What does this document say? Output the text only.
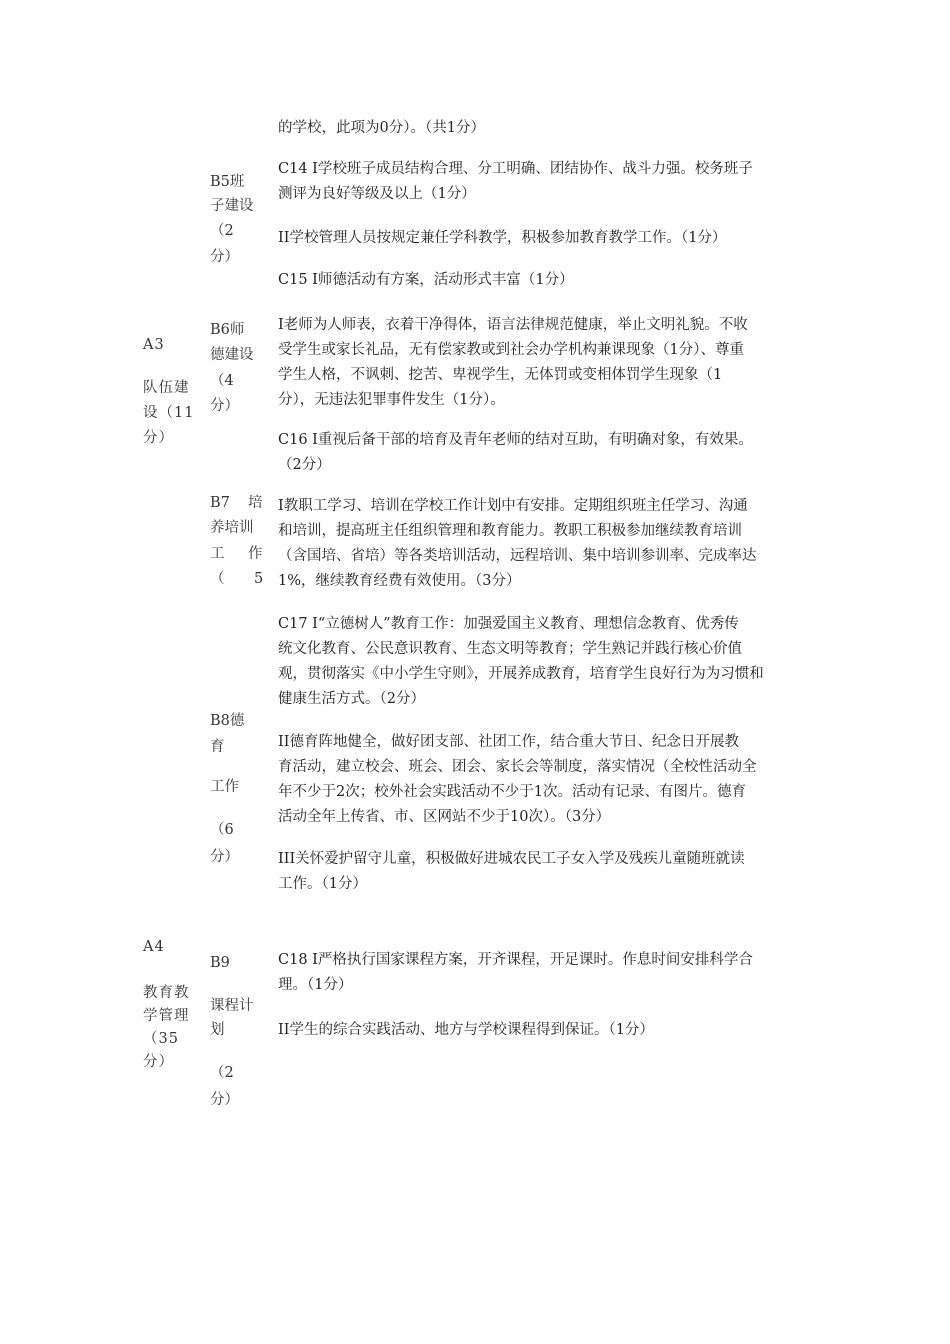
A3
队伍建
设（11
分）
A4
教育教
学管理
（35
分）
B5班
子建设
（2
分）
B6师
德建设
（4
分）
B7 培
养培训
工 作
（ 5
B8德
育
工作
（6
分）
B9
课程计
划
（2
分）
的学校，此项为0分）。（共1分）
C14 I学校班子成员结构合理、分工明确、团结协作、战斗力强。校务班子
测评为良好等级及以上（1分）
II学校管理人员按规定兼任学科教学，积极参加教育教学工作。（1分）
C15 I师德活动有方案，活动形式丰富（1分）
I老师为人师表，衣着干净得体，语言法律规范健康，举止文明礼貌。不收
受学生或家长礼品，无有偿家教或到社会办学机构兼课现象（1分）、尊重
学生人格，不讽刺、挖苦、卑视学生，无体罚或变相体罚学生现象（1
分），无违法犯罪事件发生（1分）。
C16 I重视后备干部的培育及青年老师的结对互助，有明确对象，有效果。
（2分）
I教职工学习、培训在学校工作计划中有安排。定期组织班主任学习、沟通
和培训，提高班主任组织管理和教育能力。教职工积极参加继续教育培训
（含国培、省培）等各类培训活动，远程培训、集中培训参训率、完成率达
1%，继续教育经费有效使用。（3分）
C17 I“立德树人”教育工作：加强爱国主义教育、理想信念教育、优秀传
统文化教育、公民意识教育、生态文明等教育；学生熟记并践行核心价值
观，贯彻落实《中小学生守则》，开展养成教育，培育学生良好行为为习惯和
健康生活方式。（2分）
II德育阵地健全，做好团支部、社团工作，结合重大节日、纪念日开展教
育活动，建立校会、班会、团会、家长会等制度，落实情况（全校性活动全
年不少于2次；校外社会实践活动不少于1次。活动有记录、有图片。德育
活动全年上传省、市、区网站不少于10次）。（3分）
III关怀爱护留守儿童，积极做好进城农民工子女入学及残疾儿童随班就读
工作。（1分）
C18 I严格执行国家课程方案，开齐课程，开足课时。作息时间安排科学合
理。（1分）
II学生的综合实践活动、地方与学校课程得到保证。（1分）
